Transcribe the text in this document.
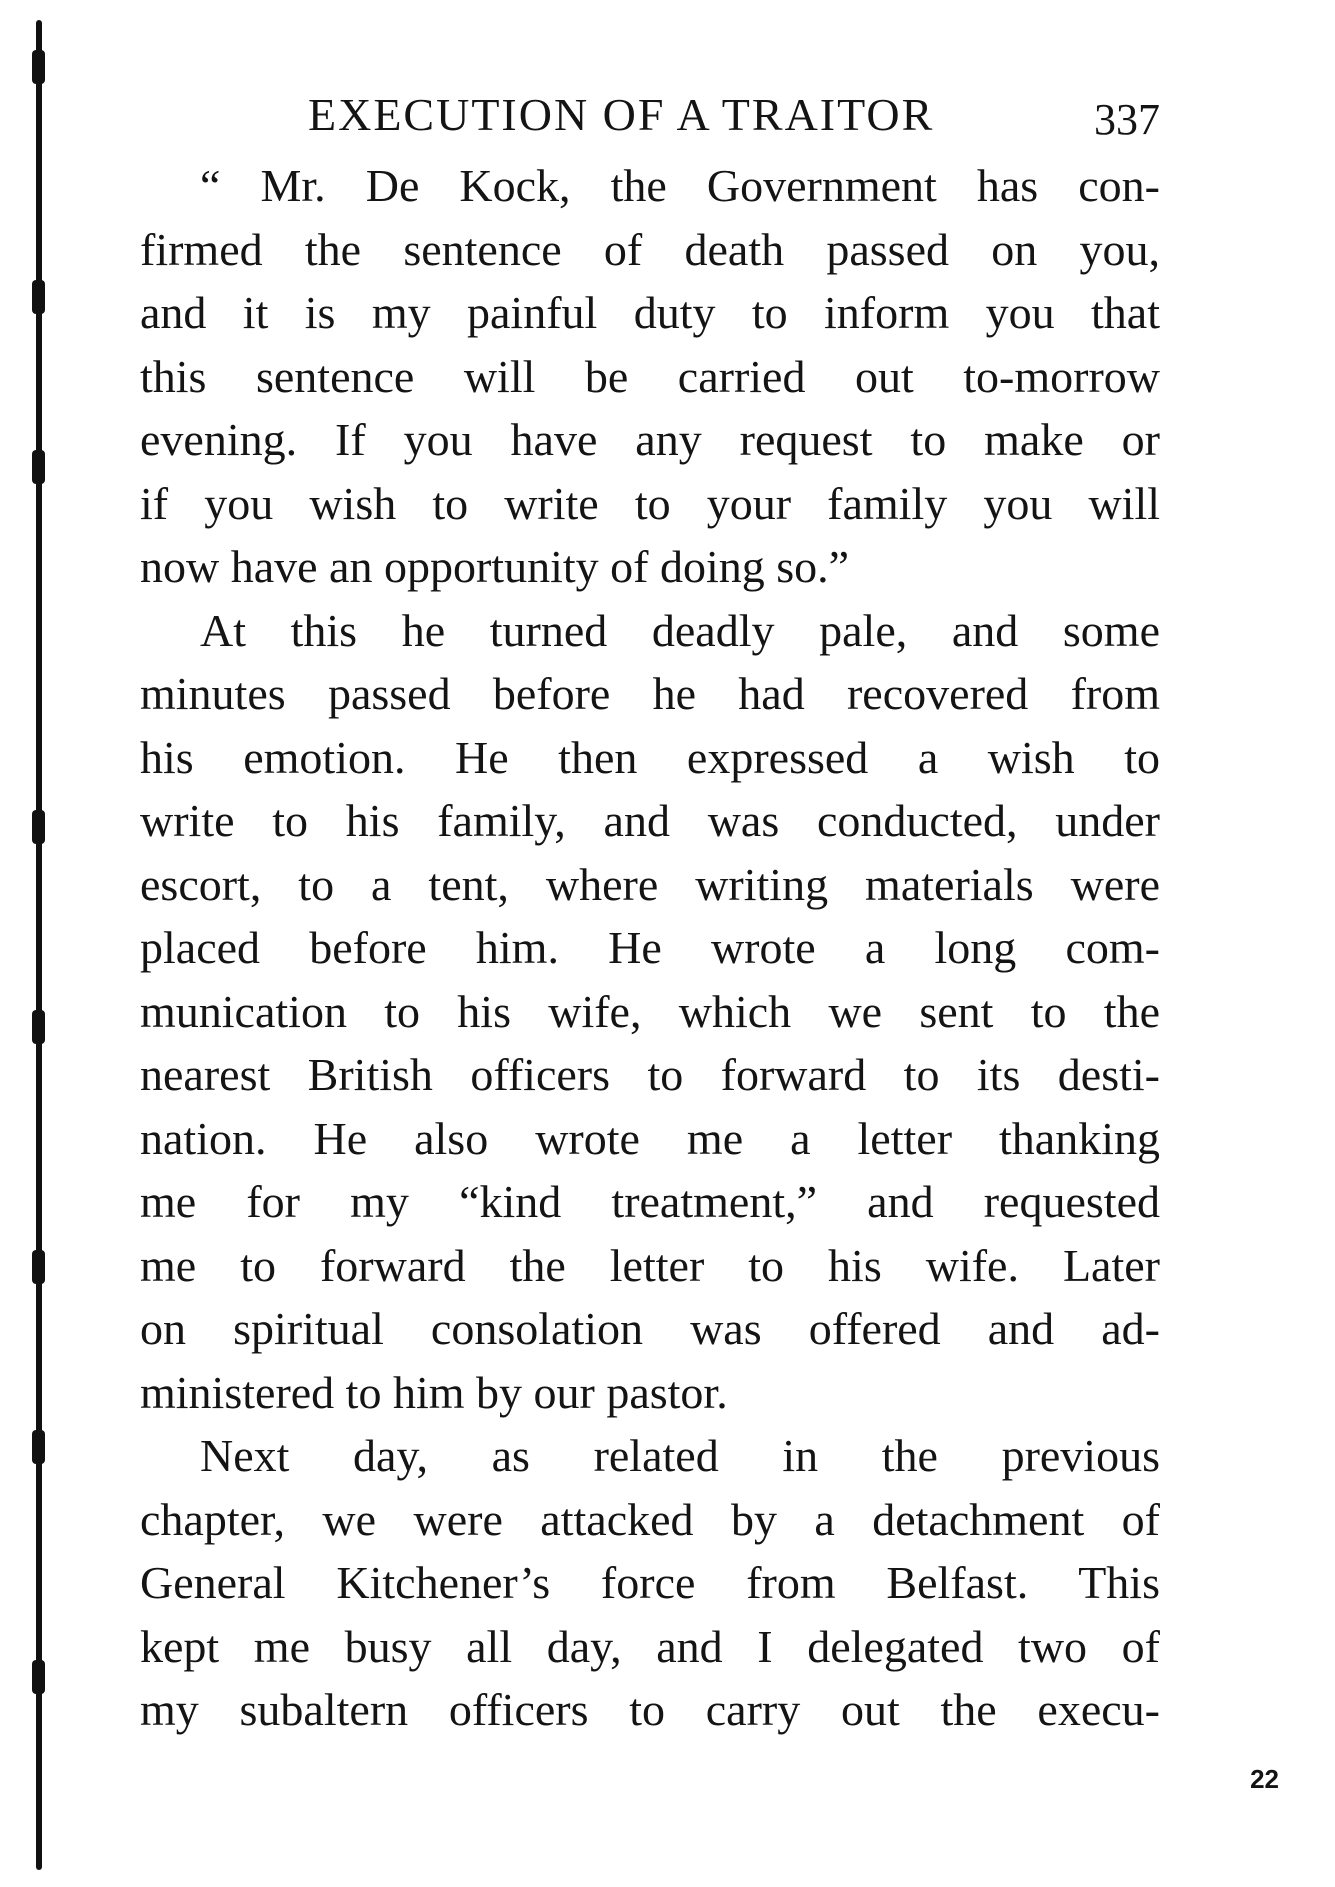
EXECUTION OF A TRAITOR	337
“ Mr. De Kock, the Government has con-
firmed the sentence of death passed on you,
and it is my painful duty to inform you that
this sentence will be carried out to-morrow
evening. If you have any request to make or
if you wish to write to your family you will
now have an opportunity of doing so.”
At this he turned deadly pale, and some
minutes passed before he had recovered from
his emotion. He then expressed a wish to
write to his family, and was conducted, under
escort, to a tent, where writing materials were
placed before him. He wrote a long com-
munication to his wife, which we sent to the
nearest British officers to forward to its desti-
nation. He also wrote me a letter thanking
me for my “kind treatment,” and requested
me to forward the letter to his wife. Later
on spiritual consolation was offered and ad-
ministered to him by our pastor.
Next day, as related in the previous
chapter, we were attacked by a detachment of
General Kitchener’s force from Belfast. This
kept me busy all day, and I delegated two of
my subaltern officers to carry out the execu-
22
